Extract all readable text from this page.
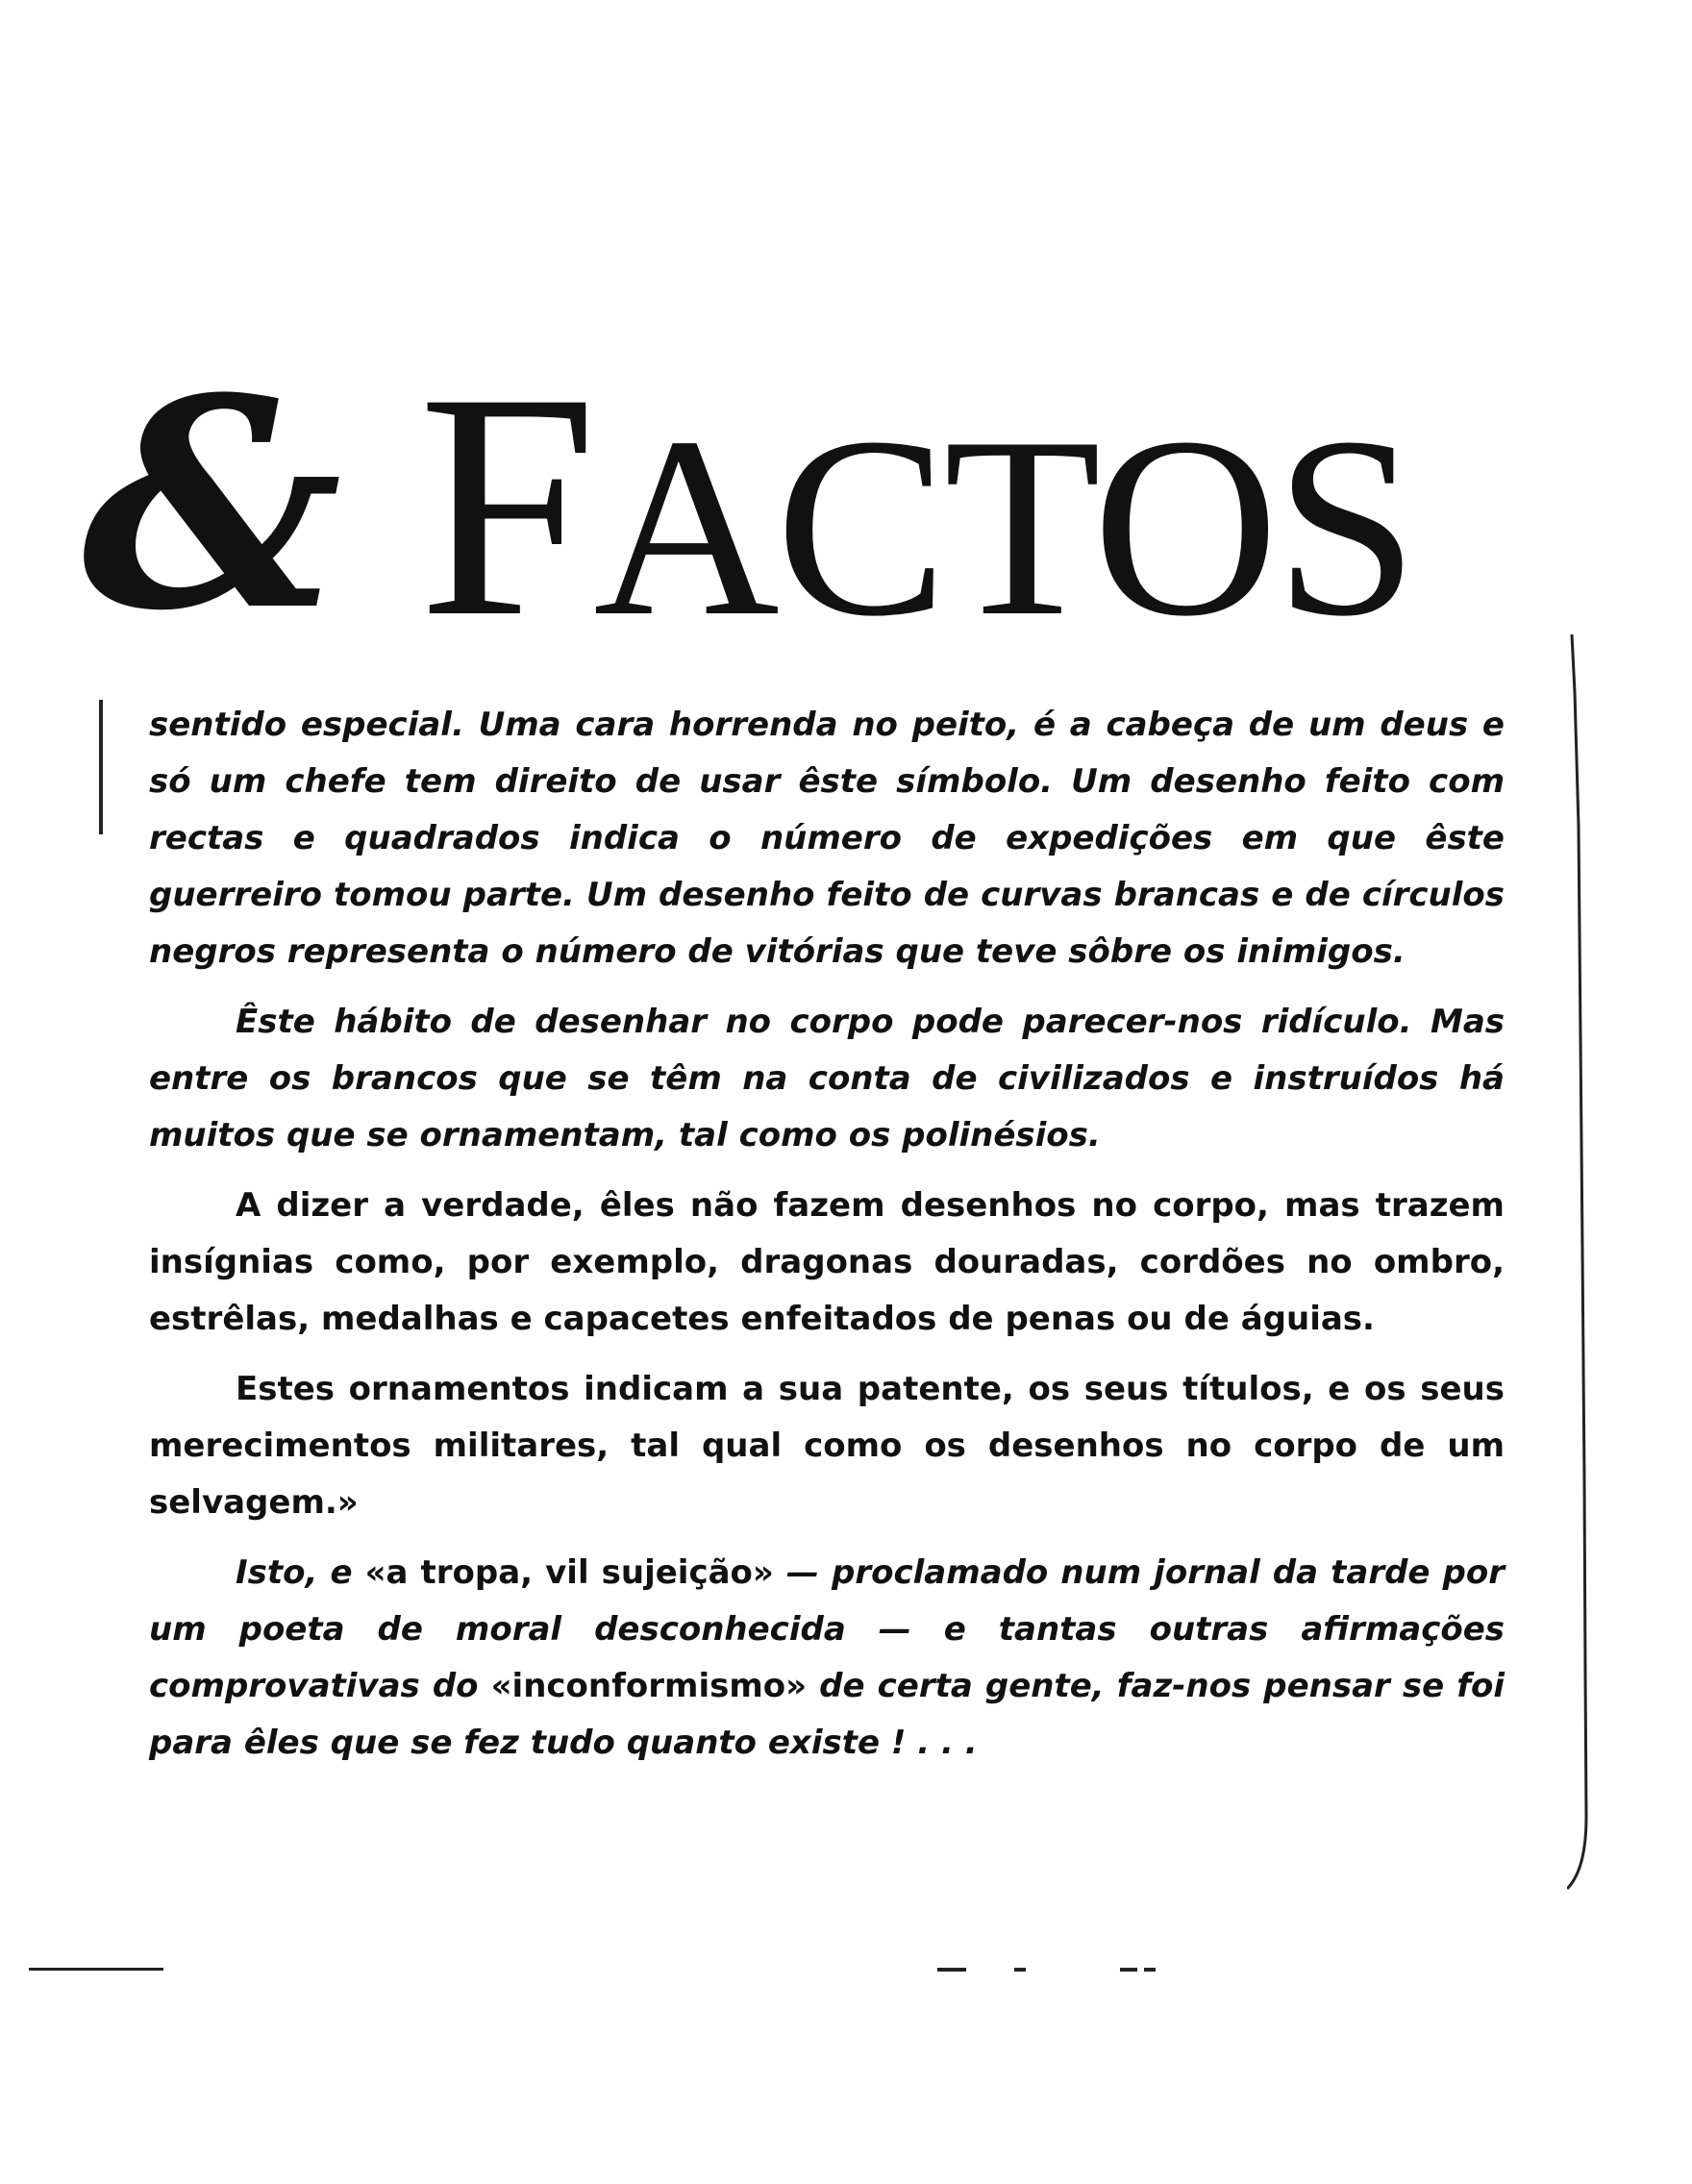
& FACTOS

sentido especial. Uma cara horrenda no peito, é a cabeça de um deus e só um chefe tem direito de usar êste símbolo. Um desenho feito com rectas e quadrados indica o número de expedições em que êste guerreiro tomou parte. Um desenho feito de curvas brancas e de círculos negros representa o número de vitórias que teve sôbre os inimigos.

Êste hábito de desenhar no corpo pode parecer-nos ridículo. Mas entre os brancos que se têm na conta de civilizados e instruídos há muitos que se ornamentam, tal como os polinésios.

A dizer a verdade, êles não fazem desenhos no corpo, mas trazem insígnias como, por exemplo, dragonas douradas, cordões no ombro, estrêlas, medalhas e capacetes enfeitados de penas ou de águias.

Estes ornamentos indicam a sua patente, os seus títulos, e os seus merecimentos militares, tal qual como os desenhos no corpo de um selvagem.»

Isto, e «a tropa, vil sujeição» — proclamado num jornal da tarde por um poeta de moral desconhecida — e tantas outras afirmações comprovativas do «inconformismo» de certa gente, faz-nos pensar se foi para êles que se fez tudo quanto existe ! . . .
